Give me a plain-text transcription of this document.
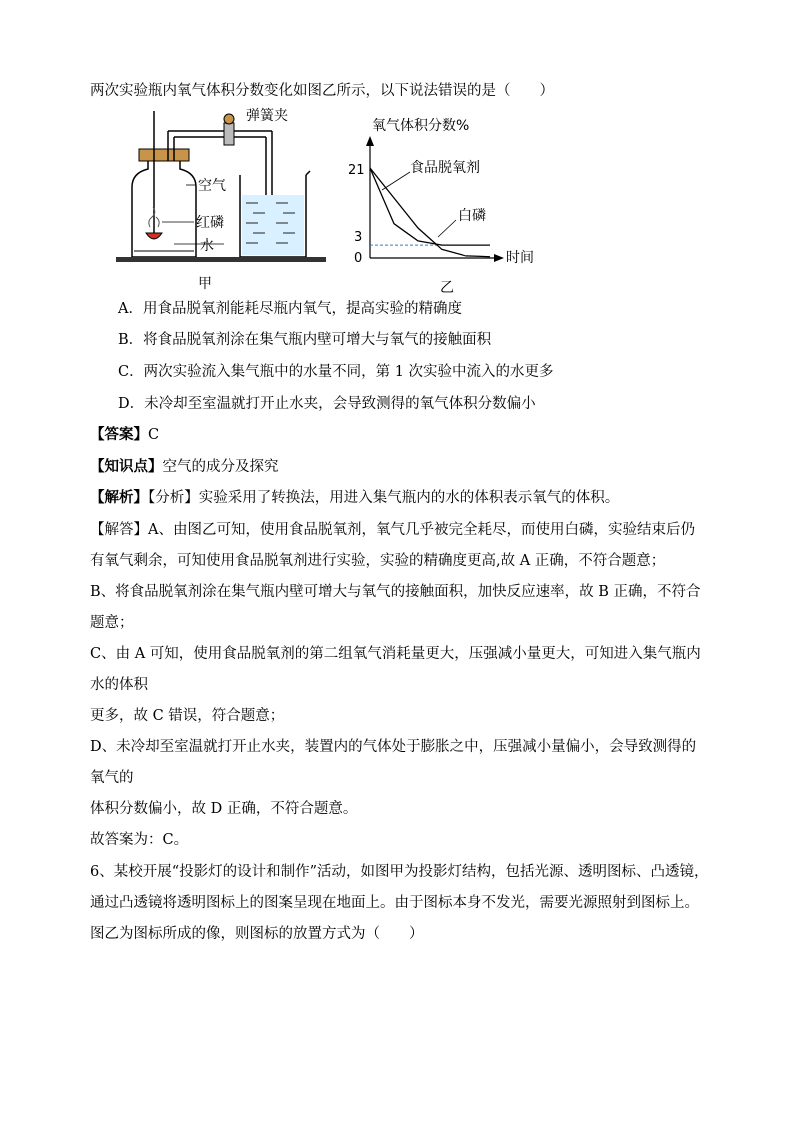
两次实验瓶内氧气体积分数变化如图乙所示，以下说法错误的是（　　）
弹簧夹
空气
红磷
水
甲
氧气体积分数%
时间
21
3
0
食品脱氧剂
白磷
乙
A．用食品脱氧剂能耗尽瓶内氧气，提高实验的精确度
B．将食品脱氧剂涂在集气瓶内壁可增大与氧气的接触面积
C．两次实验流入集气瓶中的水量不同，第 1 次实验中流入的水更多
D．未冷却至室温就打开止水夹，会导致测得的氧气体积分数偏小
【答案】C
【知识点】空气的成分及探究
【解析】【分析】实验采用了转换法，用进入集气瓶内的水的体积表示氧气的体积。
【解答】A、由图乙可知，使用食品脱氧剂，氧气几乎被完全耗尽，而使用白磷，实验结束后仍
有氧气剩余，可知使用食品脱氧剂进行实验，实验的精确度更高,故 A 正确，不符合题意；
B、将食品脱氧剂涂在集气瓶内壁可增大与氧气的接触面积，加快反应速率，故 B 正确，不符合
题意；
C、由 A 可知，使用食品脱氧剂的第二组氧气消耗量更大，压强减小量更大，可知进入集气瓶内
水的体积
更多，故 C 错误，符合题意；
D、未冷却至室温就打开止水夹，装置内的气体处于膨胀之中，压强减小量偏小，会导致测得的
氧气的
体积分数偏小，故 D 正确，不符合题意。
故答案为：C。
6、某校开展“投影灯的设计和制作”活动，如图甲为投影灯结构，包括光源、透明图标、凸透镜，
通过凸透镜将透明图标上的图案呈现在地面上。由于图标本身不发光，需要光源照射到图标上。
图乙为图标所成的像，则图标的放置方式为（　　）
